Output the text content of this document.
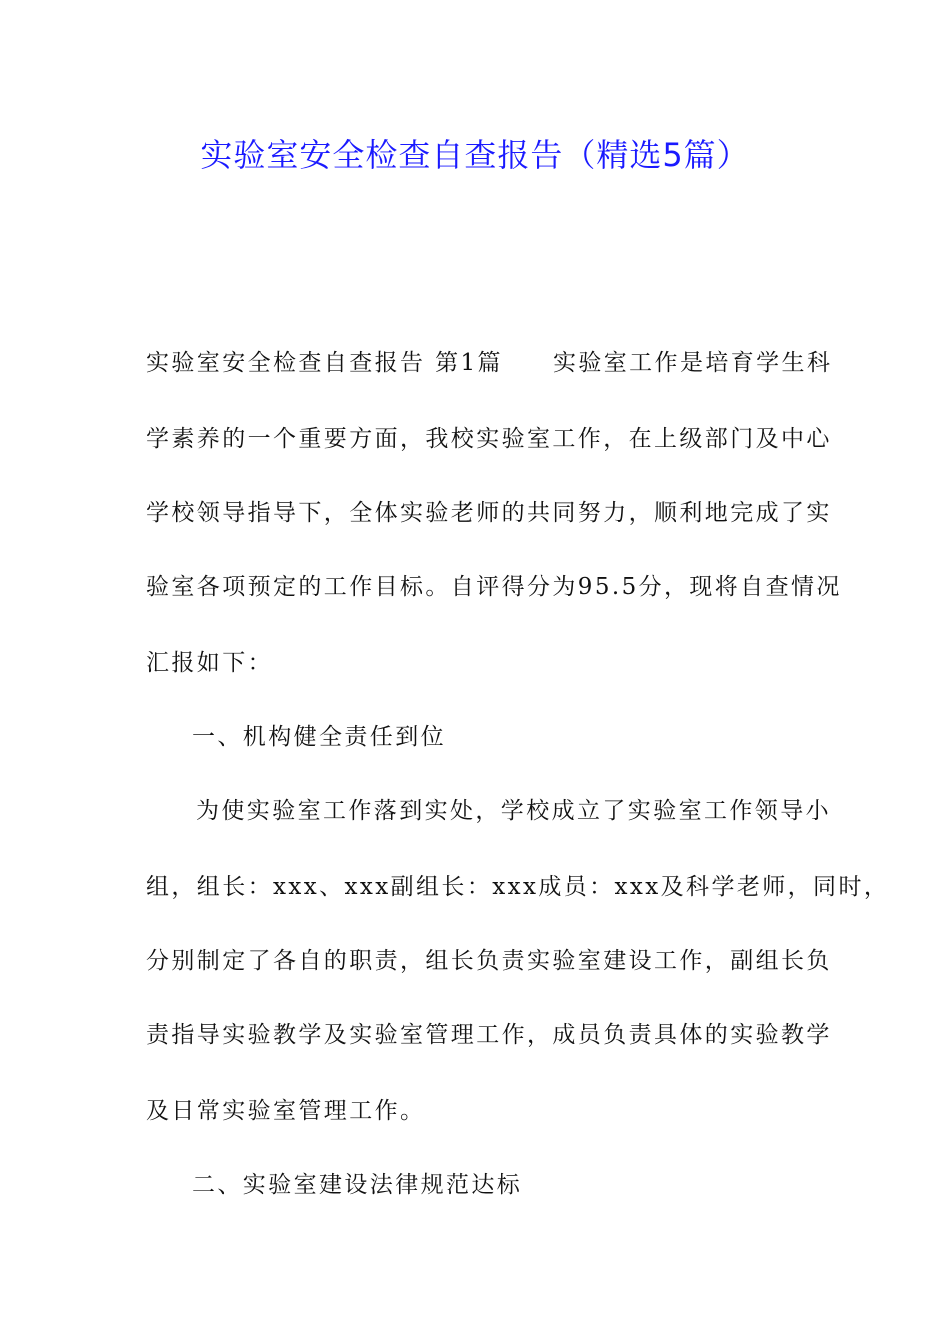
实验室安全检查自查报告（精选5篇）
实验室安全检查自查报告 第1篇 实验室工作是培育学生科
学素养的一个重要方面，我校实验室工作，在上级部门及中心
学校领导指导下，全体实验老师的共同努力，顺利地完成了实
验室各项预定的工作目标。自评得分为95.5分，现将自查情况
汇报如下：
一、机构健全责任到位
为使实验室工作落到实处，学校成立了实验室工作领导小
组，组长：xxx、xxx副组长：xxx成员：xxx及科学老师，同时，
分别制定了各自的职责，组长负责实验室建设工作，副组长负
责指导实验教学及实验室管理工作，成员负责具体的实验教学
及日常实验室管理工作。
二、实验室建设法律规范达标
